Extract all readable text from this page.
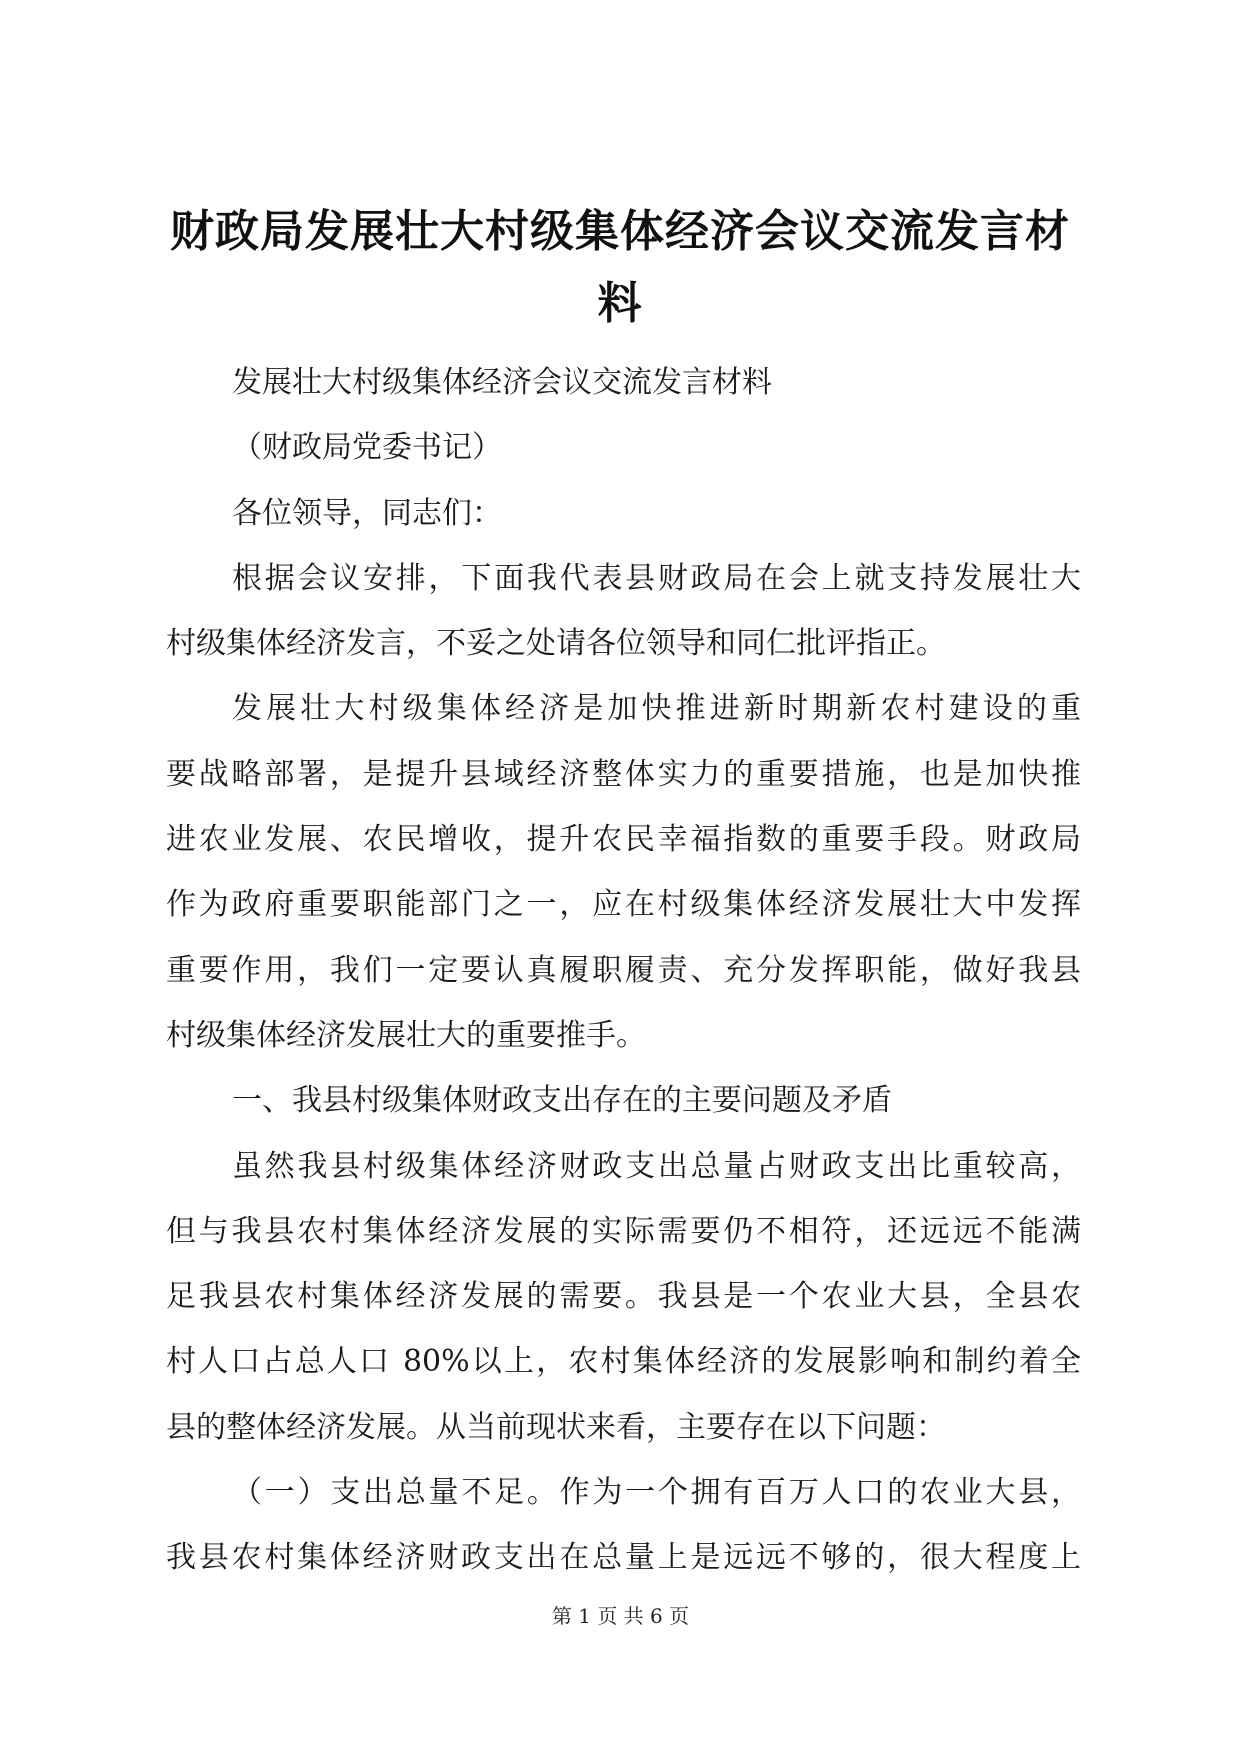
财政局发展壮大村级集体经济会议交流发言材
料
发展壮大村级集体经济会议交流发言材料
（财政局党委书记）
各位领导，同志们：
根据会议安排，下面我代表县财政局在会上就支持发展壮大
村级集体经济发言，不妥之处请各位领导和同仁批评指正。
发展壮大村级集体经济是加快推进新时期新农村建设的重
要战略部署，是提升县域经济整体实力的重要措施，也是加快推
进农业发展、农民增收，提升农民幸福指数的重要手段。财政局
作为政府重要职能部门之一，应在村级集体经济发展壮大中发挥
重要作用，我们一定要认真履职履责、充分发挥职能，做好我县
村级集体经济发展壮大的重要推手。
一、我县村级集体财政支出存在的主要问题及矛盾
虽然我县村级集体经济财政支出总量占财政支出比重较高，
但与我县农村集体经济发展的实际需要仍不相符，还远远不能满
足我县农村集体经济发展的需要。我县是一个农业大县，全县农
村人口占总人口 80%以上，农村集体经济的发展影响和制约着全
县的整体经济发展。从当前现状来看，主要存在以下问题：
（一）支出总量不足。作为一个拥有百万人口的农业大县，
我县农村集体经济财政支出在总量上是远远不够的，很大程度上
第 1 页 共 6 页
